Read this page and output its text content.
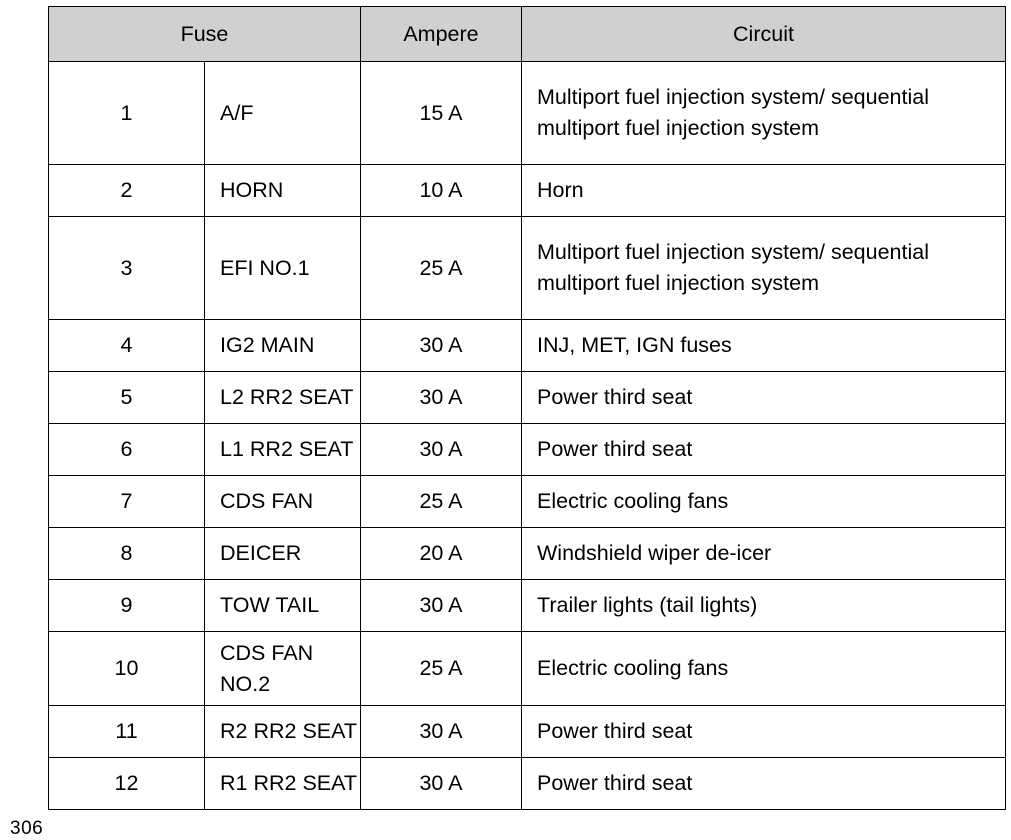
Fuse		Ampere	Circuit
1	A/F	15 A	Multiport fuel injection system/ sequential multiport fuel injection system
2	HORN	10 A	Horn
3	EFI NO.1	25 A	Multiport fuel injection system/ sequential multiport fuel injection system
4	IG2 MAIN	30 A	INJ, MET, IGN fuses
5	L2 RR2 SEAT	30 A	Power third seat
6	L1 RR2 SEAT	30 A	Power third seat
7	CDS FAN	25 A	Electric cooling fans
8	DEICER	20 A	Windshield wiper de-icer
9	TOW TAIL	30 A	Trailer lights (tail lights)
10	CDS FAN NO.2	25 A	Electric cooling fans
11	R2 RR2 SEAT	30 A	Power third seat
12	R1 RR2 SEAT	30 A	Power third seat
306
